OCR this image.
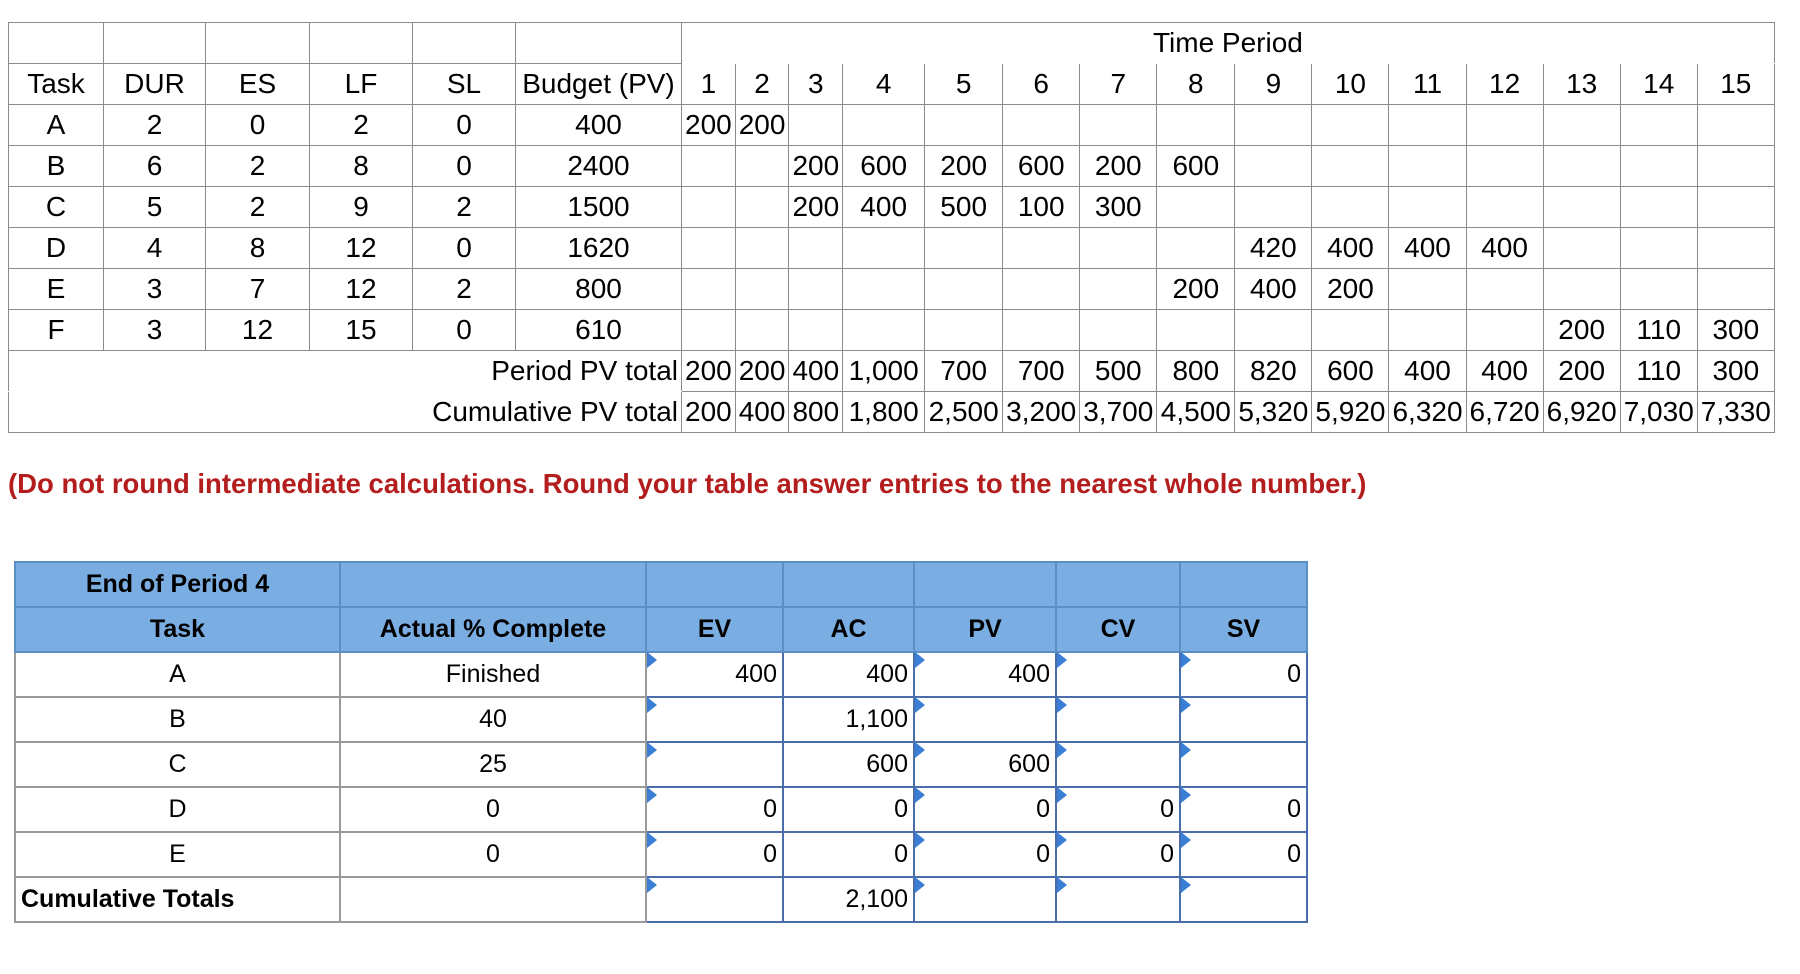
						Time Period														
Task	DUR	ES	LF	SL	Budget (PV)	1	2	3	4	5	6	7	8	9	10	11	12	13	14	15
A	2	0	2	0	400	200	200													
B	6	2	8	0	2400			200	600	200	600	200	600							
C	5	2	9	2	1500			200	400	500	100	300								
D	4	8	12	0	1620									420	400	400	400			
E	3	7	12	2	800								200	400	200					
F	3	12	15	0	610													200	110	300
Period PV total						200	200	400	1,000	700	700	500	800	820	600	400	400	200	110	300
Cumulative PV total						200	400	800	1,800	2,500	3,200	3,700	4,500	5,320	5,920	6,320	6,720	6,920	7,030	7,330
(Do not round intermediate calculations. Round your table answer entries to the nearest whole number.)
End of Period 4						
Task	Actual % Complete	EV	AC	PV	CV	SV
A	Finished	400	400	400		0
B	40		1,100	

C	25		600	600	

D	0	0	0	0	0	0
E	0	0	0	0	0	0
Cumulative Totals			2,100	
